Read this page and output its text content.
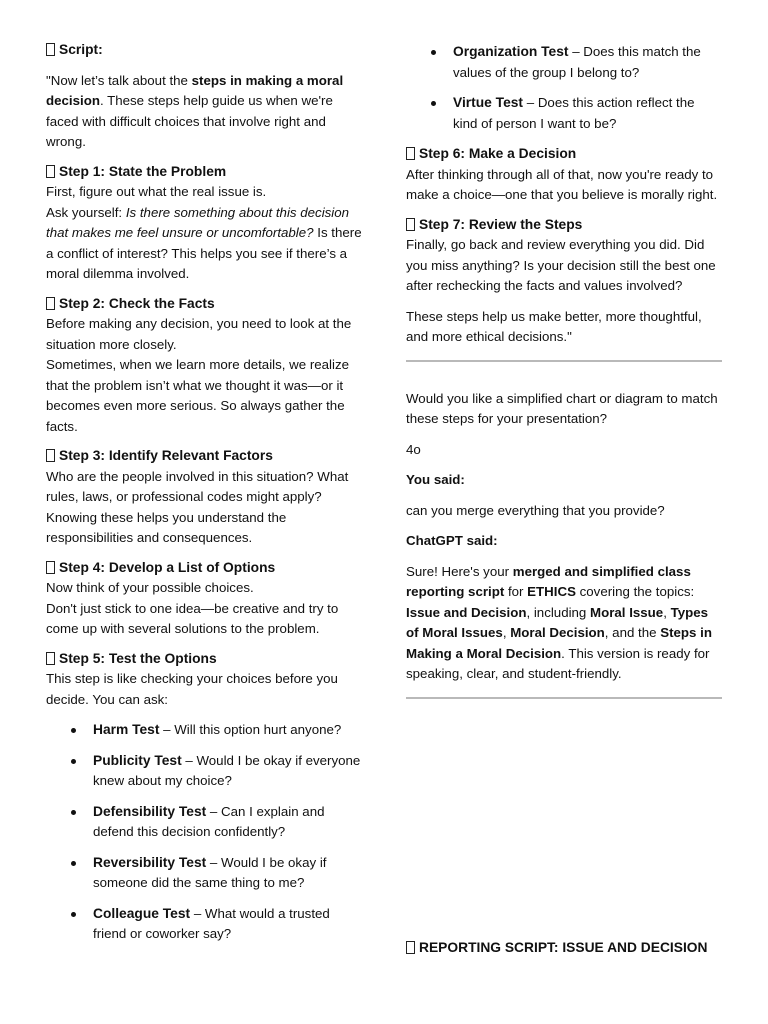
Script:

"Now let’s talk about the steps in making a moral decision. These steps help guide us when we're faced with difficult choices that involve right and wrong.

Step 1: State the Problem

First, figure out what the real issue is.

Ask yourself: Is there something about this decision that makes me feel unsure or uncomfortable? Is there a conflict of interest? This helps you see if there’s a moral dilemma involved.

Step 2: Check the Facts

Before making any decision, you need to look at the situation more closely.

Sometimes, when we learn more details, we realize that the problem isn’t what we thought it was—or it becomes even more serious. So always gather the facts.

Step 3: Identify Relevant Factors

Who are the people involved in this situation? What rules, laws, or professional codes might apply? Knowing these helps you understand the responsibilities and consequences.

Step 4: Develop a List of Options

Now think of your possible choices.

Don't just stick to one idea—be creative and try to come up with several solutions to the problem.

Step 5: Test the Options

This step is like checking your choices before you decide. You can ask:

Harm Test – Will this option hurt anyone?
Publicity Test – Would I be okay if everyone knew about my choice?
Defensibility Test – Can I explain and defend this decision confidently?
Reversibility Test – Would I be okay if someone did the same thing to me?
Colleague Test – What would a trusted friend or coworker say?
Organization Test – Does this match the values of the group I belong to?
Virtue Test – Does this action reflect the kind of person I want to be?

Step 6: Make a Decision

After thinking through all of that, now you're ready to make a choice—one that you believe is morally right.

Step 7: Review the Steps

Finally, go back and review everything you did. Did you miss anything? Is your decision still the best one after rechecking the facts and values involved?

These steps help us make better, more thoughtful, and more ethical decisions."

Would you like a simplified chart or diagram to match these steps for your presentation?

4o

You said:

can you merge everything that you provide?

ChatGPT said:

Sure! Here's your merged and simplified class reporting script for ETHICS covering the topics: Issue and Decision, including Moral Issue, Types of Moral Issues, Moral Decision, and the Steps in Making a Moral Decision. This version is ready for speaking, clear, and student-friendly.

REPORTING SCRIPT: ISSUE AND DECISION
